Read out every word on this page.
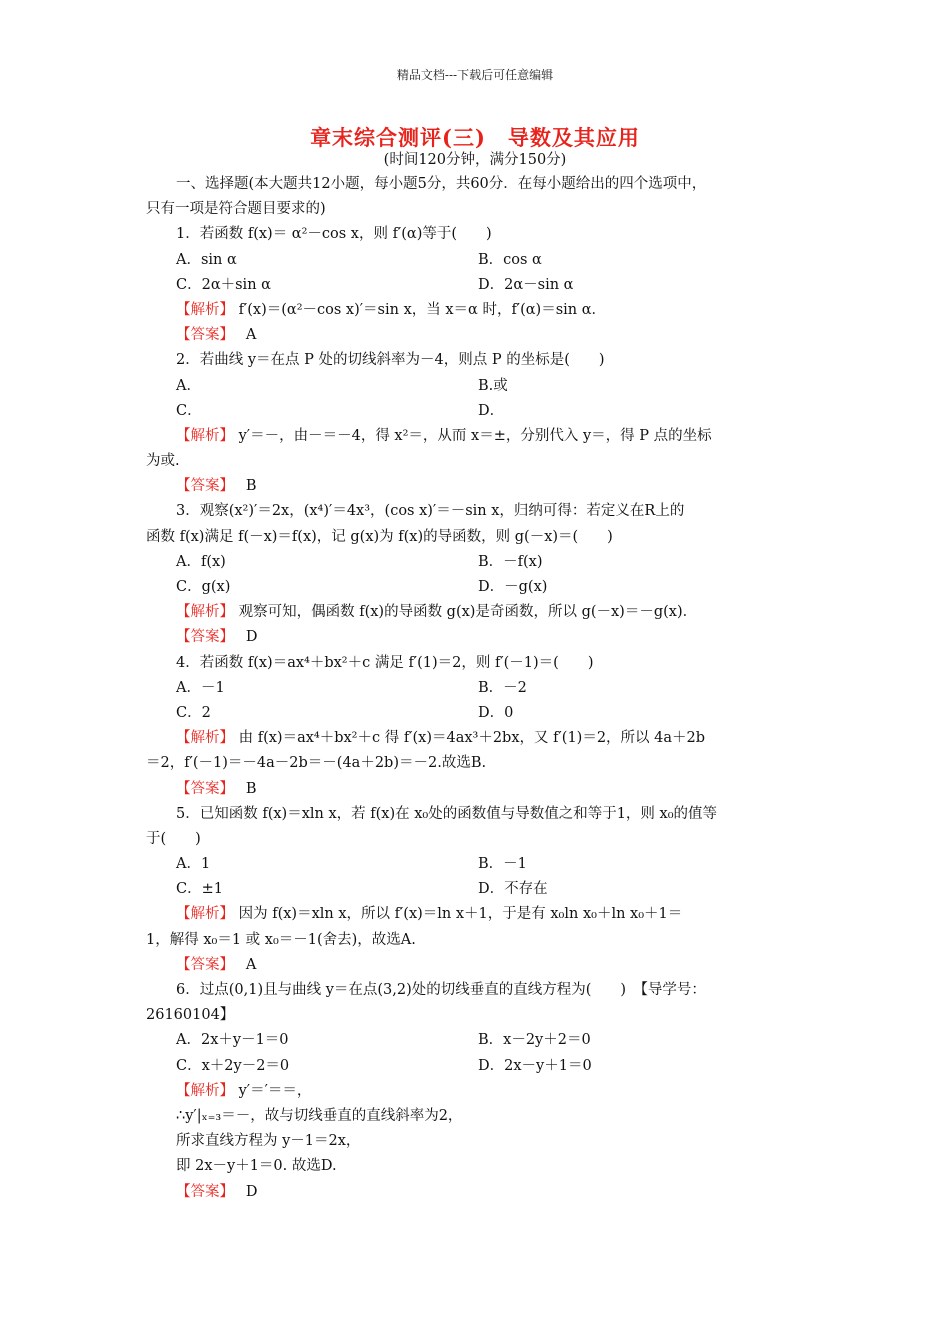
精品文档---下载后可任意编辑
章末综合测评(三)　导数及其应用
(时间120分钟，满分150分)
一、选择题(本大题共12小题，每小题5分，共60分．在每小题给出的四个选项中，
只有一项是符合题目要求的)
1．若函数 f(x)＝ α²－cos x，则 f′(α)等于(　　)
A．sin α	B．cos α
C．2α＋sin α	D．2α－sin α
【解析】 f′(x)＝(α²－cos x)′＝sin x，当 x＝α 时，f′(α)＝sin α．
【答案】　 A
2．若曲线 y＝在点 P 处的切线斜率为－4，则点 P 的坐标是(　　)
A．	B.或
C．	D．
【解析】 y′＝－，由－＝－4，得 x²＝，从而 x＝±，分别代入 y＝，得 P 点的坐标
为或.
【答案】　 B
3．观察(x²)′＝2x，(x⁴)′＝4x³，(cos x)′＝－sin x，归纳可得：若定义在R上的
函数 f(x)满足 f(－x)＝f(x)，记 g(x)为 f(x)的导函数，则 g(－x)＝(　　)
A．f(x)	B．－f(x)
C．g(x)	D．－g(x)
【解析】 观察可知，偶函数 f(x)的导函数 g(x)是奇函数，所以 g(－x)＝－g(x)．
【答案】　 D
4．若函数 f(x)＝ax⁴＋bx²＋c 满足 f′(1)＝2，则 f′(－1)＝(　　)
A．－1	B．－2
C．2	D．0
【解析】 由 f(x)＝ax⁴＋bx²＋c 得 f′(x)＝4ax³＋2bx，又 f′(1)＝2，所以 4a＋2b
＝2，f′(－1)＝－4a－2b＝－(4a＋2b)＝－2.故选B.
【答案】　 B
5．已知函数 f(x)＝xln x，若 f(x)在 x₀处的函数值与导数值之和等于1，则 x₀的值等
于(　　)
A．1	B．－1
C．±1	D．不存在
【解析】 因为 f(x)＝xln x，所以 f′(x)＝ln x＋1，于是有 x₀ln x₀＋ln x₀＋1＝
1，解得 x₀＝1 或 x₀＝－1(舍去)，故选A.
【答案】　 A
6．过点(0,1)且与曲线 y＝在点(3,2)处的切线垂直的直线方程为(　　)　【导学号：
26160104】
A．2x＋y－1＝0	B．x－2y＋2＝0
C．x＋2y－2＝0	D．2x－y＋1＝0
【解析】 y′＝′＝＝，
∴y′|ₓ₌₃＝－，故与切线垂直的直线斜率为2，
所求直线方程为 y－1＝2x，
即 2x－y＋1＝0. 故选D.
【答案】　 D
